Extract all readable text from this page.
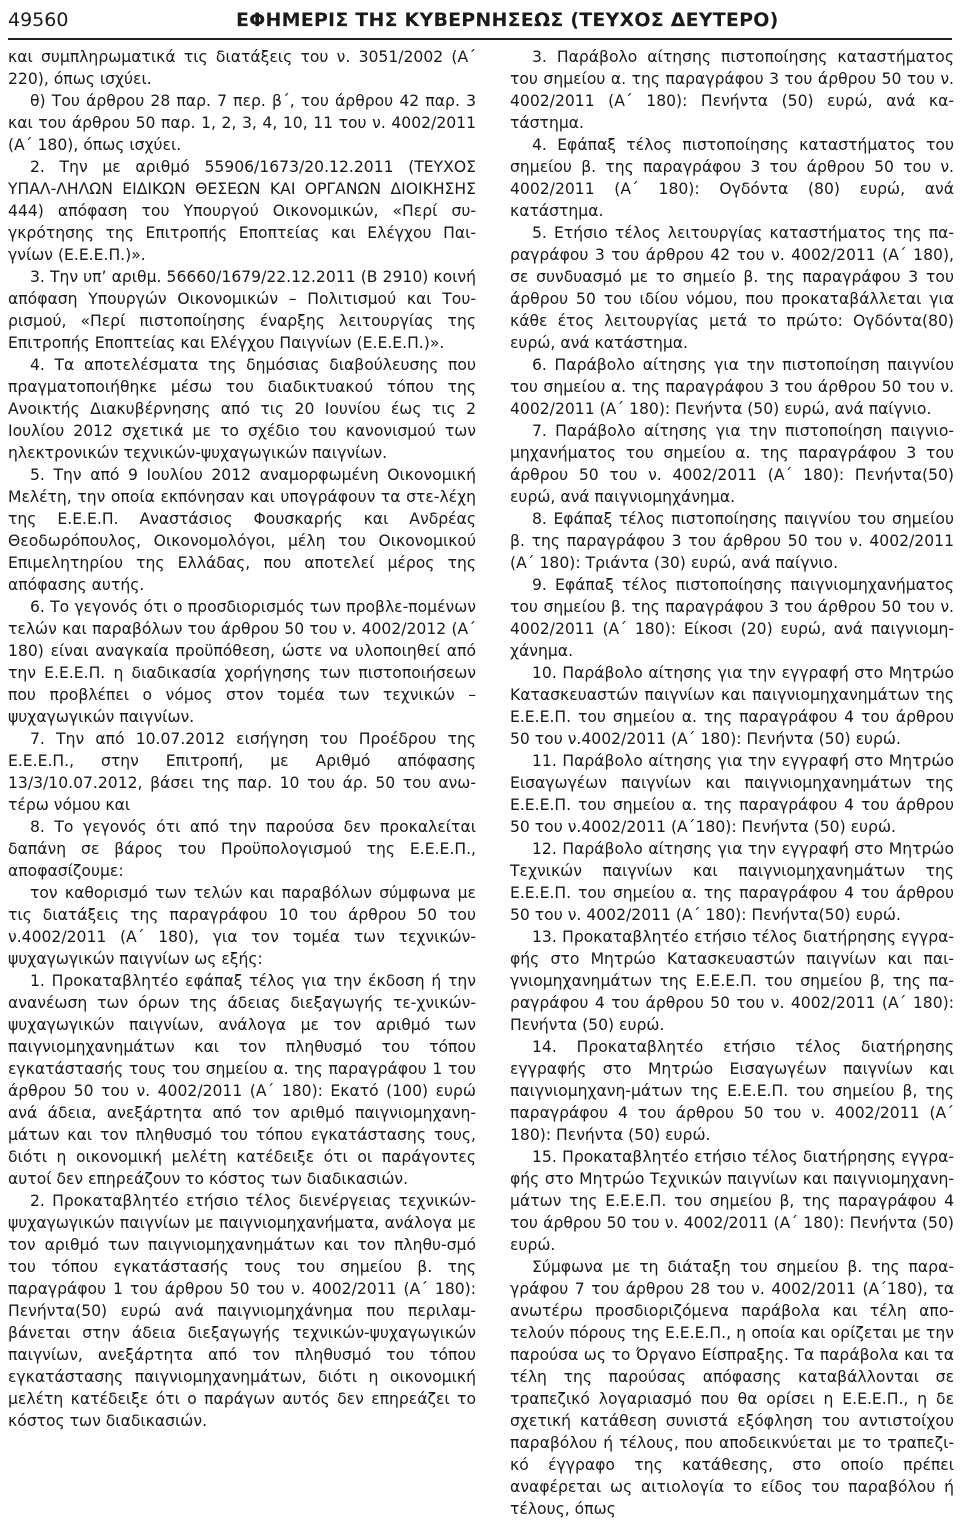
49560	ΕΦΗΜΕΡΙΣ ΤΗΣ ΚΥΒΕΡΝΗΣΕΩΣ (ΤΕΥΧΟΣ ΔΕΥΤΕΡΟ)

και συμπληρωματικά τις διατάξεις του ν. 3051/2002 (Α΄ 220), όπως ισχύει.

θ) Του άρθρου 28 παρ. 7 περ. β΄, του άρθρου 42 παρ. 3 και του άρθρου 50 παρ. 1, 2, 3, 4, 10, 11 του ν. 4002/2011 (Α΄ 180), όπως ισχύει.

2. Την με αριθμό 55906/1673/20.12.2011 (ΤΕΥΧΟΣ ΥΠΑΛ-ΛΗΛΩΝ ΕΙΔΙΚΩΝ ΘΕΣΕΩΝ ΚΑΙ ΟΡΓΑΝΩΝ ΔΙΟΙΚΗΣΗΣ 444) απόφαση του Υπουργού Οικονομικών, «Περί συ-γκρότησης της Επιτροπής Εποπτείας και Ελέγχου Παι-γνίων (Ε.Ε.Ε.Π.)».

3. Την υπ’ αριθμ. 56660/1679/22.12.2011 (Β 2910) κοινή απόφαση Υπουργών Οικονομικών – Πολιτισμού και Του-ρισμού, «Περί πιστοποίησης έναρξης λειτουργίας της Επιτροπής Εποπτείας και Ελέγχου Παιγνίων (Ε.Ε.Ε.Π.)».

4. Τα αποτελέσματα της δημόσιας διαβούλευσης που πραγματοποιήθηκε μέσω του διαδικτυακού τόπου της Ανοικτής Διακυβέρνησης από τις 20 Ιουνίου έως τις 2 Ιουλίου 2012 σχετικά με το σχέδιο του κανονισμού των ηλεκτρονικών τεχνικών-ψυχαγωγικών παιγνίων.

5. Την από 9 Ιουλίου 2012 αναμορφωμένη Οικονομική Μελέτη, την οποία εκπόνησαν και υπογράφουν τα στε-λέχη της Ε.Ε.Ε.Π. Αναστάσιος Φουσκαρής και Ανδρέας Θεοδωρόπουλος, Οικονομολόγοι, μέλη του Οικονομικού Επιμελητηρίου της Ελλάδας, που αποτελεί μέρος της απόφασης αυτής.

6. Το γεγονός ότι ο προσδιορισμός των προβλε-πομένων τελών και παραβόλων του άρθρου 50 του ν. 4002/2012 (Α΄ 180) είναι αναγκαία προϋπόθεση, ώστε να υλοποιηθεί από την Ε.Ε.Ε.Π. η διαδικασία χορήγησης των πιστοποιήσεων που προβλέπει ο νόμος στον τομέα των τεχνικών – ψυχαγωγικών παιγνίων.

7. Την από 10.07.2012 εισήγηση του Προέδρου της Ε.Ε.Ε.Π., στην Επιτροπή, με Αριθμό απόφασης 13/3/10.07.2012, βάσει της παρ. 10 του άρ. 50 του ανω-τέρω νόμου και

8. Το γεγονός ότι από την παρούσα δεν προκαλείται δαπάνη σε βάρος του Προϋπολογισμού της Ε.Ε.Ε.Π., αποφασίζουμε:

τον καθορισμό των τελών και παραβόλων σύμφωνα με τις διατάξεις της παραγράφου 10 του άρθρου 50 του ν.4002/2011 (Α΄ 180), για τον τομέα των τεχνικών-ψυχαγωγικών παιγνίων ως εξής:

1. Προκαταβλητέο εφάπαξ τέλος για την έκδοση ή την ανανέωση των όρων της άδειας διεξαγωγής τε-χνικών-ψυχαγωγικών παιγνίων, ανάλογα με τον αριθμό των παιγνιομηχανημάτων και τον πληθυσμό του τόπου εγκατάστασής τους του σημείου α. της παραγράφου 1 του άρθρου 50 του ν. 4002/2011 (Α΄ 180): Εκατό (100) ευρώ ανά άδεια, ανεξάρτητα από τον αριθμό παιγνιομηχανη-μάτων και τον πληθυσμό του τόπου εγκατάστασης τους, διότι η οικονομική μελέτη κατέδειξε ότι οι παράγοντες αυτοί δεν επηρεάζουν το κόστος των διαδικασιών.

2. Προκαταβλητέο ετήσιο τέλος διενέργειας τεχνικών-ψυχαγωγικών παιγνίων με παιγνιομηχανήματα, ανάλογα με τον αριθμό των παιγνιομηχανημάτων και τον πληθυ-σμό του τόπου εγκατάστασής τους του σημείου β. της παραγράφου 1 του άρθρου 50 του ν. 4002/2011 (Α΄ 180): Πενήντα(50) ευρώ ανά παιγνιομηχάνημα που περιλαμ-βάνεται στην άδεια διεξαγωγής τεχνικών-ψυχαγωγικών παιγνίων, ανεξάρτητα από τον πληθυσμό του τόπου εγκατάστασης παιγνιομηχανημάτων, διότι η οικονομική μελέτη κατέδειξε ότι ο παράγων αυτός δεν επηρεάζει το κόστος των διαδικασιών.

3. Παράβολο αίτησης πιστοποίησης καταστήματος του σημείου α. της παραγράφου 3 του άρθρου 50 του ν. 4002/2011 (Α΄ 180): Πενήντα (50) ευρώ, ανά κα-τάστημα.

4. Εφάπαξ τέλος πιστοποίησης καταστήματος του σημείου β. της παραγράφου 3 του άρθρου 50 του ν. 4002/2011 (Α΄ 180): Ογδόντα (80) ευρώ, ανά κατάστημα.

5. Ετήσιο τέλος λειτουργίας καταστήματος της πα-ραγράφου 3 του άρθρου 42 του ν. 4002/2011 (Α΄ 180), σε συνδυασμό με το σημείο β. της παραγράφου 3 του άρθρου 50 του ιδίου νόμου, που προκαταβάλλεται για κάθε έτος λειτουργίας μετά το πρώτο: Ογδόντα(80) ευρώ, ανά κατάστημα.

6. Παράβολο αίτησης για την πιστοποίηση παιγνίου του σημείου α. της παραγράφου 3 του άρθρου 50 του ν. 4002/2011 (Α΄ 180): Πενήντα (50) ευρώ, ανά παίγνιο.

7. Παράβολο αίτησης για την πιστοποίηση παιγνιο-μηχανήματος του σημείου α. της παραγράφου 3 του άρθρου 50 του ν. 4002/2011 (Α΄ 180): Πενήντα(50) ευρώ, ανά παιγνιομηχάνημα.

8. Εφάπαξ τέλος πιστοποίησης παιγνίου του σημείου β. της παραγράφου 3 του άρθρου 50 του ν. 4002/2011 (Α΄ 180): Τριάντα (30) ευρώ, ανά παίγνιο.

9. Εφάπαξ τέλος πιστοποίησης παιγνιομηχανήματος του σημείου β. της παραγράφου 3 του άρθρου 50 του ν. 4002/2011 (Α΄ 180): Είκοσι (20) ευρώ, ανά παιγνιομη-χάνημα.

10. Παράβολο αίτησης για την εγγραφή στο Μητρώο Κατασκευαστών παιγνίων και παιγνιομηχανημάτων της Ε.Ε.Ε.Π. του σημείου α. της παραγράφου 4 του άρθρου 50 του ν.4002/2011 (Α΄ 180): Πενήντα (50) ευρώ.

11. Παράβολο αίτησης για την εγγραφή στο Μητρώο Εισαγωγέων παιγνίων και παιγνιομηχανημάτων της Ε.Ε.Ε.Π. του σημείου α. της παραγράφου 4 του άρθρου 50 του ν.4002/2011 (Α΄180): Πενήντα (50) ευρώ.

12. Παράβολο αίτησης για την εγγραφή στο Μητρώο Τεχνικών παιγνίων και παιγνιομηχανημάτων της Ε.Ε.Ε.Π. του σημείου α. της παραγράφου 4 του άρθρου 50 του ν. 4002/2011 (Α΄ 180): Πενήντα(50) ευρώ.

13. Προκαταβλητέο ετήσιο τέλος διατήρησης εγγρα-φής στο Μητρώο Κατασκευαστών παιγνίων και παι-γνιομηχανημάτων της Ε.Ε.Ε.Π. του σημείου β, της πα-ραγράφου 4 του άρθρου 50 του ν. 4002/2011 (Α΄ 180): Πενήντα (50) ευρώ.

14. Προκαταβλητέο ετήσιο τέλος διατήρησης εγγραφής στο Μητρώο Εισαγωγέων παιγνίων και παιγνιομηχανη-μάτων της Ε.Ε.Ε.Π. του σημείου β, της παραγράφου 4 του άρθρου 50 του ν. 4002/2011 (Α΄ 180): Πενήντα (50) ευρώ.

15. Προκαταβλητέο ετήσιο τέλος διατήρησης εγγρα-φής στο Μητρώο Τεχνικών παιγνίων και παιγνιομηχανη-μάτων της Ε.Ε.Ε.Π. του σημείου β, της παραγράφου 4 του άρθρου 50 του ν. 4002/2011 (Α΄ 180): Πενήντα (50) ευρώ.

Σύμφωνα με τη διάταξη του σημείου β. της παρα-γράφου 7 του άρθρου 28 του ν. 4002/2011 (Α΄180), τα ανωτέρω προσδιοριζόμενα παράβολα και τέλη απο-τελούν πόρους της Ε.Ε.Ε.Π., η οποία και ορίζεται με την παρούσα ως το Όργανο Είσπραξης. Τα παράβολα και τα τέλη της παρούσας απόφασης καταβάλλονται σε τραπεζικό λογαριασμό που θα ορίσει η Ε.Ε.Ε.Π., η δε σχετική κατάθεση συνιστά εξόφληση του αντιστοίχου παραβόλου ή τέλους, που αποδεικνύεται με το τραπεζι-κό έγγραφο της κατάθεσης, στο οποίο πρέπει αναφέρεται ως αιτιολογία το είδος του παραβόλου ή τέλους, όπως
